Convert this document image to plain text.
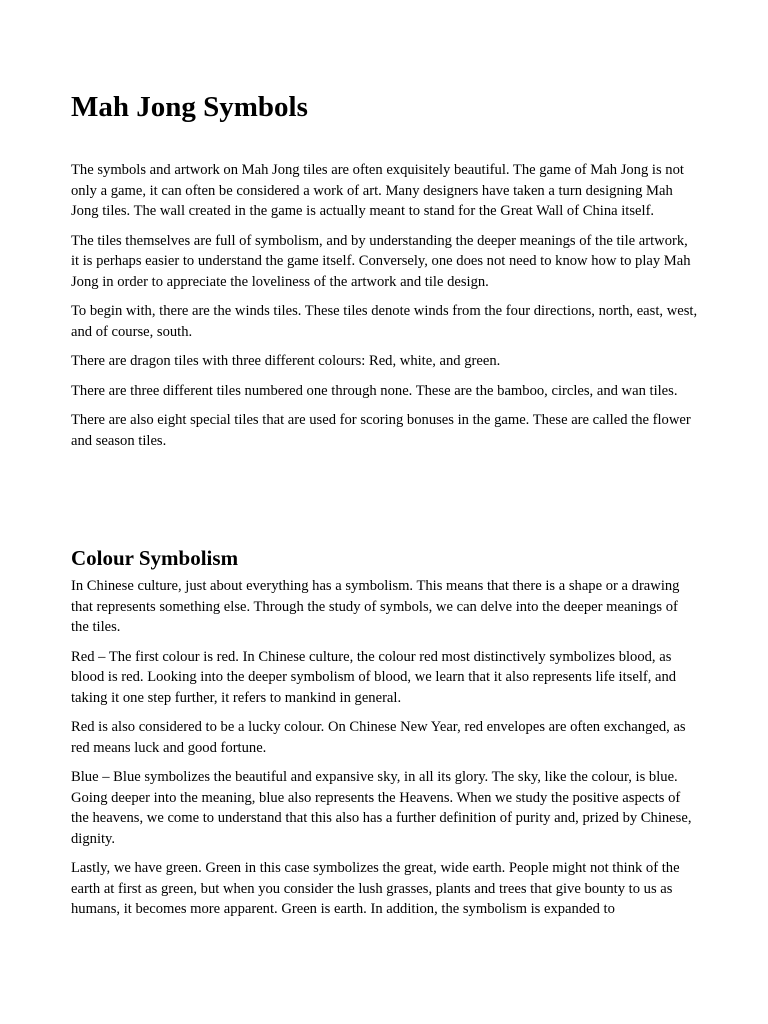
Mah Jong Symbols

The symbols and artwork on Mah Jong tiles are often exquisitely beautiful. The game of Mah Jong is not only a game, it can often be considered a work of art. Many designers have taken a turn designing Mah Jong tiles. The wall created in the game is actually meant to stand for the Great Wall of China itself.

The tiles themselves are full of symbolism, and by understanding the deeper meanings of the tile artwork, it is perhaps easier to understand the game itself. Conversely, one does not need to know how to play Mah Jong in order to appreciate the loveliness of the artwork and tile design.

To begin with, there are the winds tiles. These tiles denote winds from the four directions, north, east, west, and of course, south.

There are dragon tiles with three different colours: Red, white, and green.

There are three different tiles numbered one through none. These are the bamboo, circles, and wan tiles.

There are also eight special tiles that are used for scoring bonuses in the game. These are called the flower and season tiles.

Colour Symbolism

In Chinese culture, just about everything has a symbolism. This means that there is a shape or a drawing that represents something else. Through the study of symbols, we can delve into the deeper meanings of the tiles.

Red – The first colour is red. In Chinese culture, the colour red most distinctively symbolizes blood, as blood is red. Looking into the deeper symbolism of blood, we learn that it also represents life itself, and taking it one step further, it refers to mankind in general.

Red is also considered to be a lucky colour. On Chinese New Year, red envelopes are often exchanged, as red means luck and good fortune.

Blue – Blue symbolizes the beautiful and expansive sky, in all its glory. The sky, like the colour, is blue. Going deeper into the meaning, blue also represents the Heavens. When we study the positive aspects of the heavens, we come to understand that this also has a further definition of purity and, prized by Chinese, dignity.

Lastly, we have green. Green in this case symbolizes the great, wide earth. People might not think of the earth at first as green, but when you consider the lush grasses, plants and trees that give bounty to us as humans, it becomes more apparent. Green is earth. In addition, the symbolism is expanded to
